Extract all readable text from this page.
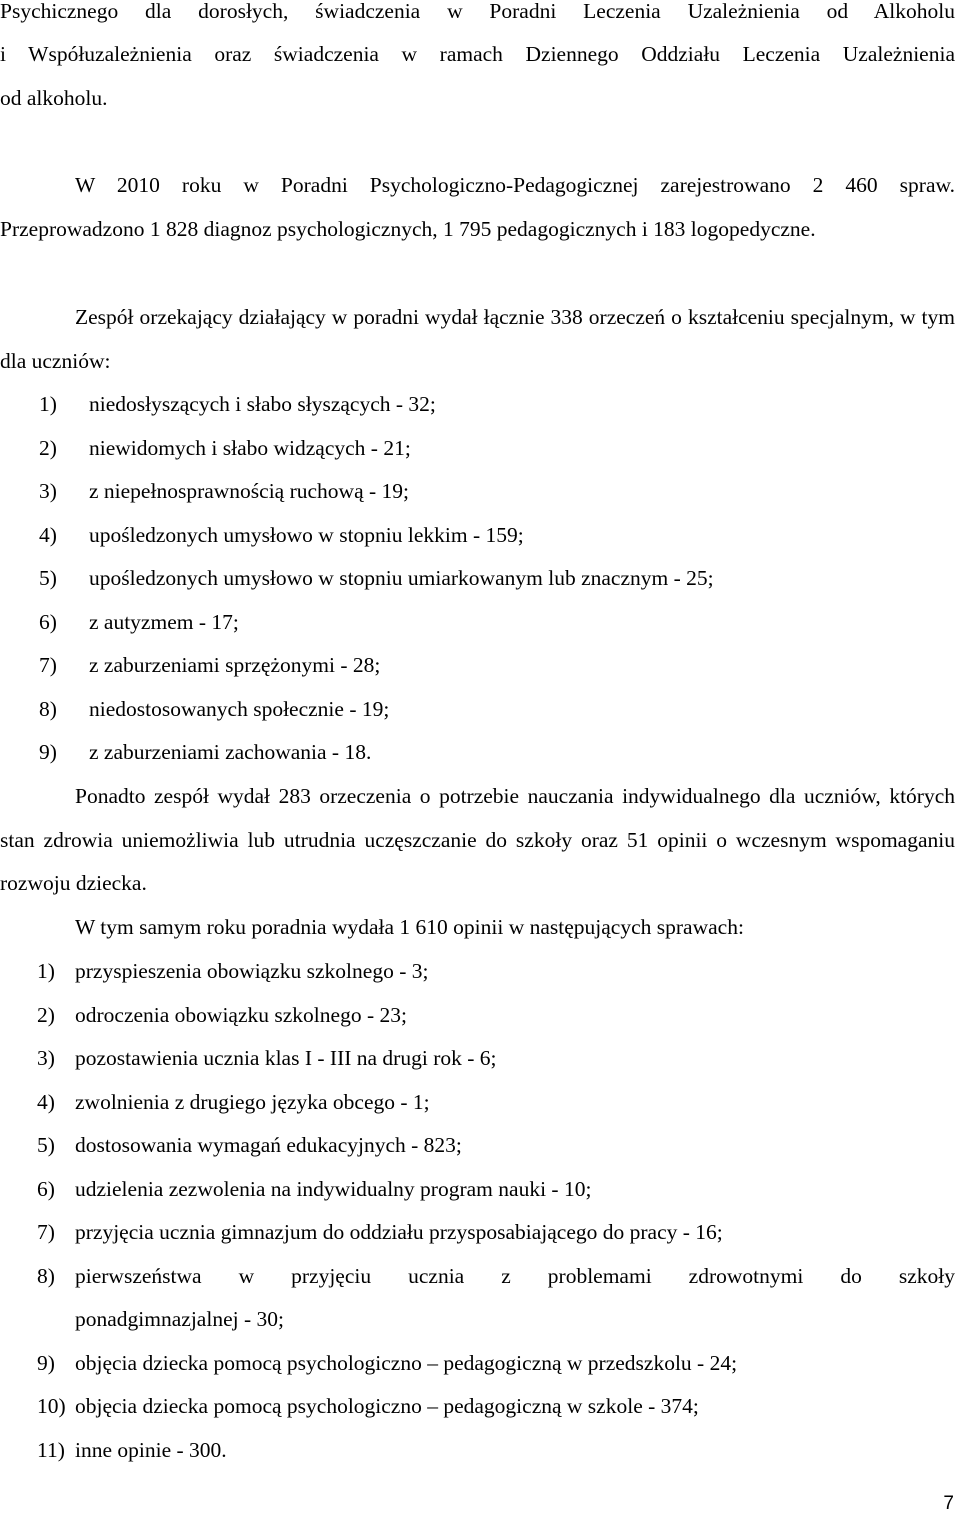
Psychicznego dla dorosłych, świadczenia w Poradni Leczenia Uzależnienia od Alkoholu

i Współuzależnienia oraz świadczenia w ramach Dziennego Oddziału Leczenia Uzależnienia

od alkoholu.

W 2010 roku w Poradni Psychologiczno-Pedagogicznej zarejestrowano 2 460 spraw. Przeprowadzono 1 828 diagnoz psychologicznych, 1 795 pedagogicznych i 183 logopedyczne.

Zespół orzekający działający w poradni wydał łącznie 338 orzeczeń o kształceniu specjalnym, w tym dla uczniów:

1) niedosłyszących i słabo słyszących - 32;
2) niewidomych i słabo widzących - 21;
3) z niepełnosprawnością ruchową - 19;
4) upośledzonych umysłowo w stopniu lekkim - 159;
5) upośledzonych umysłowo w stopniu umiarkowanym lub znacznym - 25;
6) z autyzmem - 17;
7) z zaburzeniami sprzężonymi - 28;
8) niedostosowanych społecznie - 19;
9) z zaburzeniami zachowania - 18.

Ponadto zespół wydał 283 orzeczenia o potrzebie nauczania indywidualnego dla uczniów, których stan zdrowia uniemożliwia lub utrudnia uczęszczanie do szkoły oraz 51 opinii o wczesnym wspomaganiu rozwoju dziecka.

W tym samym roku poradnia wydała 1 610 opinii w następujących sprawach:

1) przyspieszenia obowiązku szkolnego - 3;
2) odroczenia obowiązku szkolnego - 23;
3) pozostawienia ucznia klas I - III na drugi rok - 6;
4) zwolnienia z drugiego języka obcego - 1;
5) dostosowania wymagań edukacyjnych - 823;
6) udzielenia zezwolenia na indywidualny program nauki - 10;
7) przyjęcia ucznia gimnazjum do oddziału przysposabiającego do pracy - 16;
8) pierwszeństwa w przyjęciu ucznia z problemami zdrowotnymi do szkoły
ponadgimnazjalnej - 30;
9) objęcia dziecka pomocą psychologiczno – pedagogiczną w przedszkolu - 24;
10) objęcia dziecka pomocą psychologiczno – pedagogiczną w szkole - 374;
11) inne opinie - 300.
7
